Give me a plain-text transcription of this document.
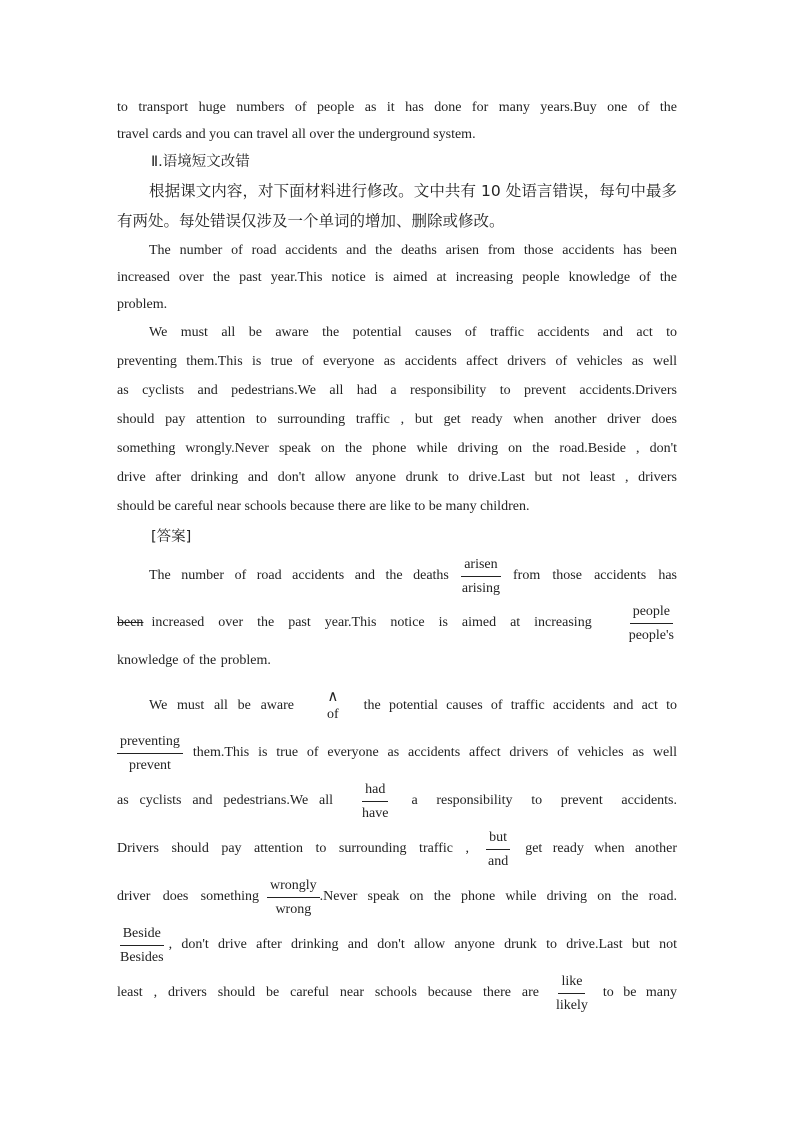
to transport huge numbers of people as it has done for many years.Buy one of the
travel cards and you can travel all over the underground system.
Ⅱ.语境短文改错
根据课文内容，对下面材料进行修改。文中共有 10 处语言错误，每句中最多
有两处。每处错误仅涉及一个单词的增加、删除或修改。
The number of road accidents and the deaths arisen from those accidents has been
increased over the past year.This notice is aimed at increasing people knowledge of the
problem.
We must all be aware the potential causes of traffic accidents and act to
preventing them.This is true of everyone as accidents affect drivers of vehicles as well
as cyclists and pedestrians.We all had a responsibility to prevent accidents.Drivers
should pay attention to surrounding traffic , but get ready when another driver does
something wrongly.Never speak on the phone while driving on the road.Beside , don't
drive after drinking and don't allow anyone drunk to drive.Last but not least , drivers
should be careful near schools because there are like to be many children.
[答案]
The number of road accidents and the deaths
arisen
arising
from those accidents has
been increased over the past year.This notice is aimed at increasing
people
people's
knowledge of the problem.
We must all be aware
∧
of
the potential causes of traffic accidents and act to
preventing
prevent
them.This is true of everyone as accidents affect drivers of vehicles as well
as cyclists and pedestrians.We all
had
have
a responsibility to prevent accidents.
Drivers should pay attention to surrounding traffic ,
but
and
get ready when another
driver does something
wrongly
wrong
.Never speak on the phone while driving on the road.
Beside
Besides
, don't drive after drinking and don't allow anyone drunk to drive.Last but not
least , drivers should be careful near schools because there are
like
likely
to be many
